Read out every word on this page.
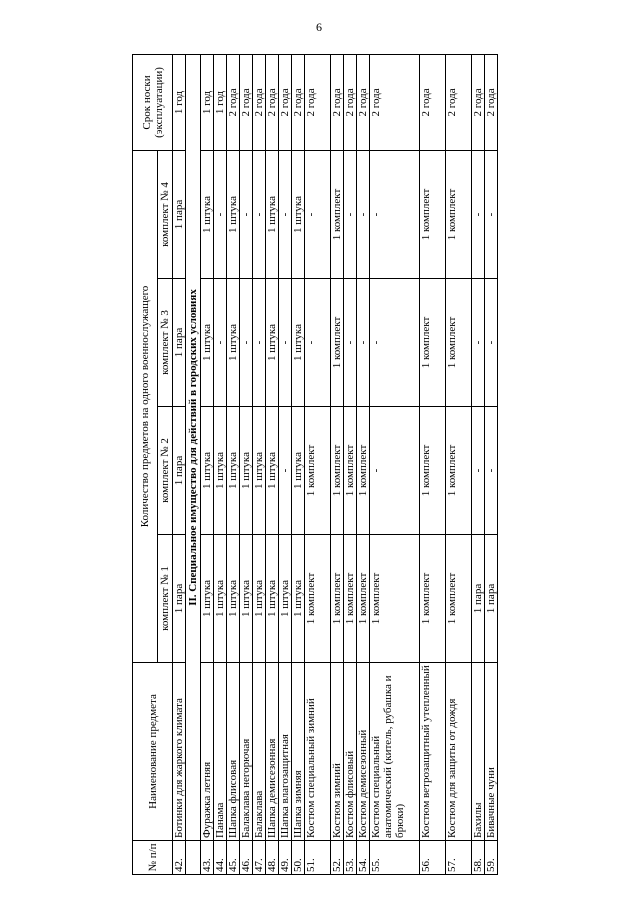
6
№ п/п	Наименование предмета	Количество предметов на одного военнослужащего				Срок носки (эксплуатации)
		комплект № 1	комплект № 2	комплект № 3	комплект № 4	
42.	Ботинки для жаркого климата	1 пара	1 пара	1 пара	1 пара	1 год
	II. Специальное имущество для действий в городских условиях					
43.	Фуражка летняя	1 штука	1 штука	1 штука	1 штука	1 год
44.	Панама	1 штука	1 штука	-	-	1 год
45.	Шапка флисовая	1 штука	1 штука	1 штука	1 штука	2 года
46.	Балаклава негорючая	1 штука	1 штука	-	-	2 года
47.	Балаклава	1 штука	1 штука	-	-	2 года
48.	Шапка демисезонная	1 штука	1 штука	1 штука	1 штука	2 года
49.	Шапка влагозащитная	1 штука	-	-	-	2 года
50.	Шапка зимняя	1 штука	1 штука	1 штука	1 штука	2 года
51.	Костюм специальный зимний	1 комплект	1 комплект	-	-	2 года
52.	Костюм зимний	1 комплект	1 комплект	1 комплект	1 комплект	2 года
53.	Костюм флисовый	1 комплект	1 комплект	-	-	2 года
54.	Костюм демисезонный	1 комплект	1 комплект	-	-	2 года
55.	Костюм специальный анатомический (китель, рубашка и брюки)	1 комплект	-	-	-	2 года
56.	Костюм ветрозащитный утепленный	1 комплект	1 комплект	1 комплект	1 комплект	2 года
57.	Костюм для защиты от дождя	1 комплект	1 комплект	1 комплект	1 комплект	2 года
58.	Бахилы	1 пара	-	-	-	2 года
59.	Бивачные чуни	1 пара	-	-	-	2 года
